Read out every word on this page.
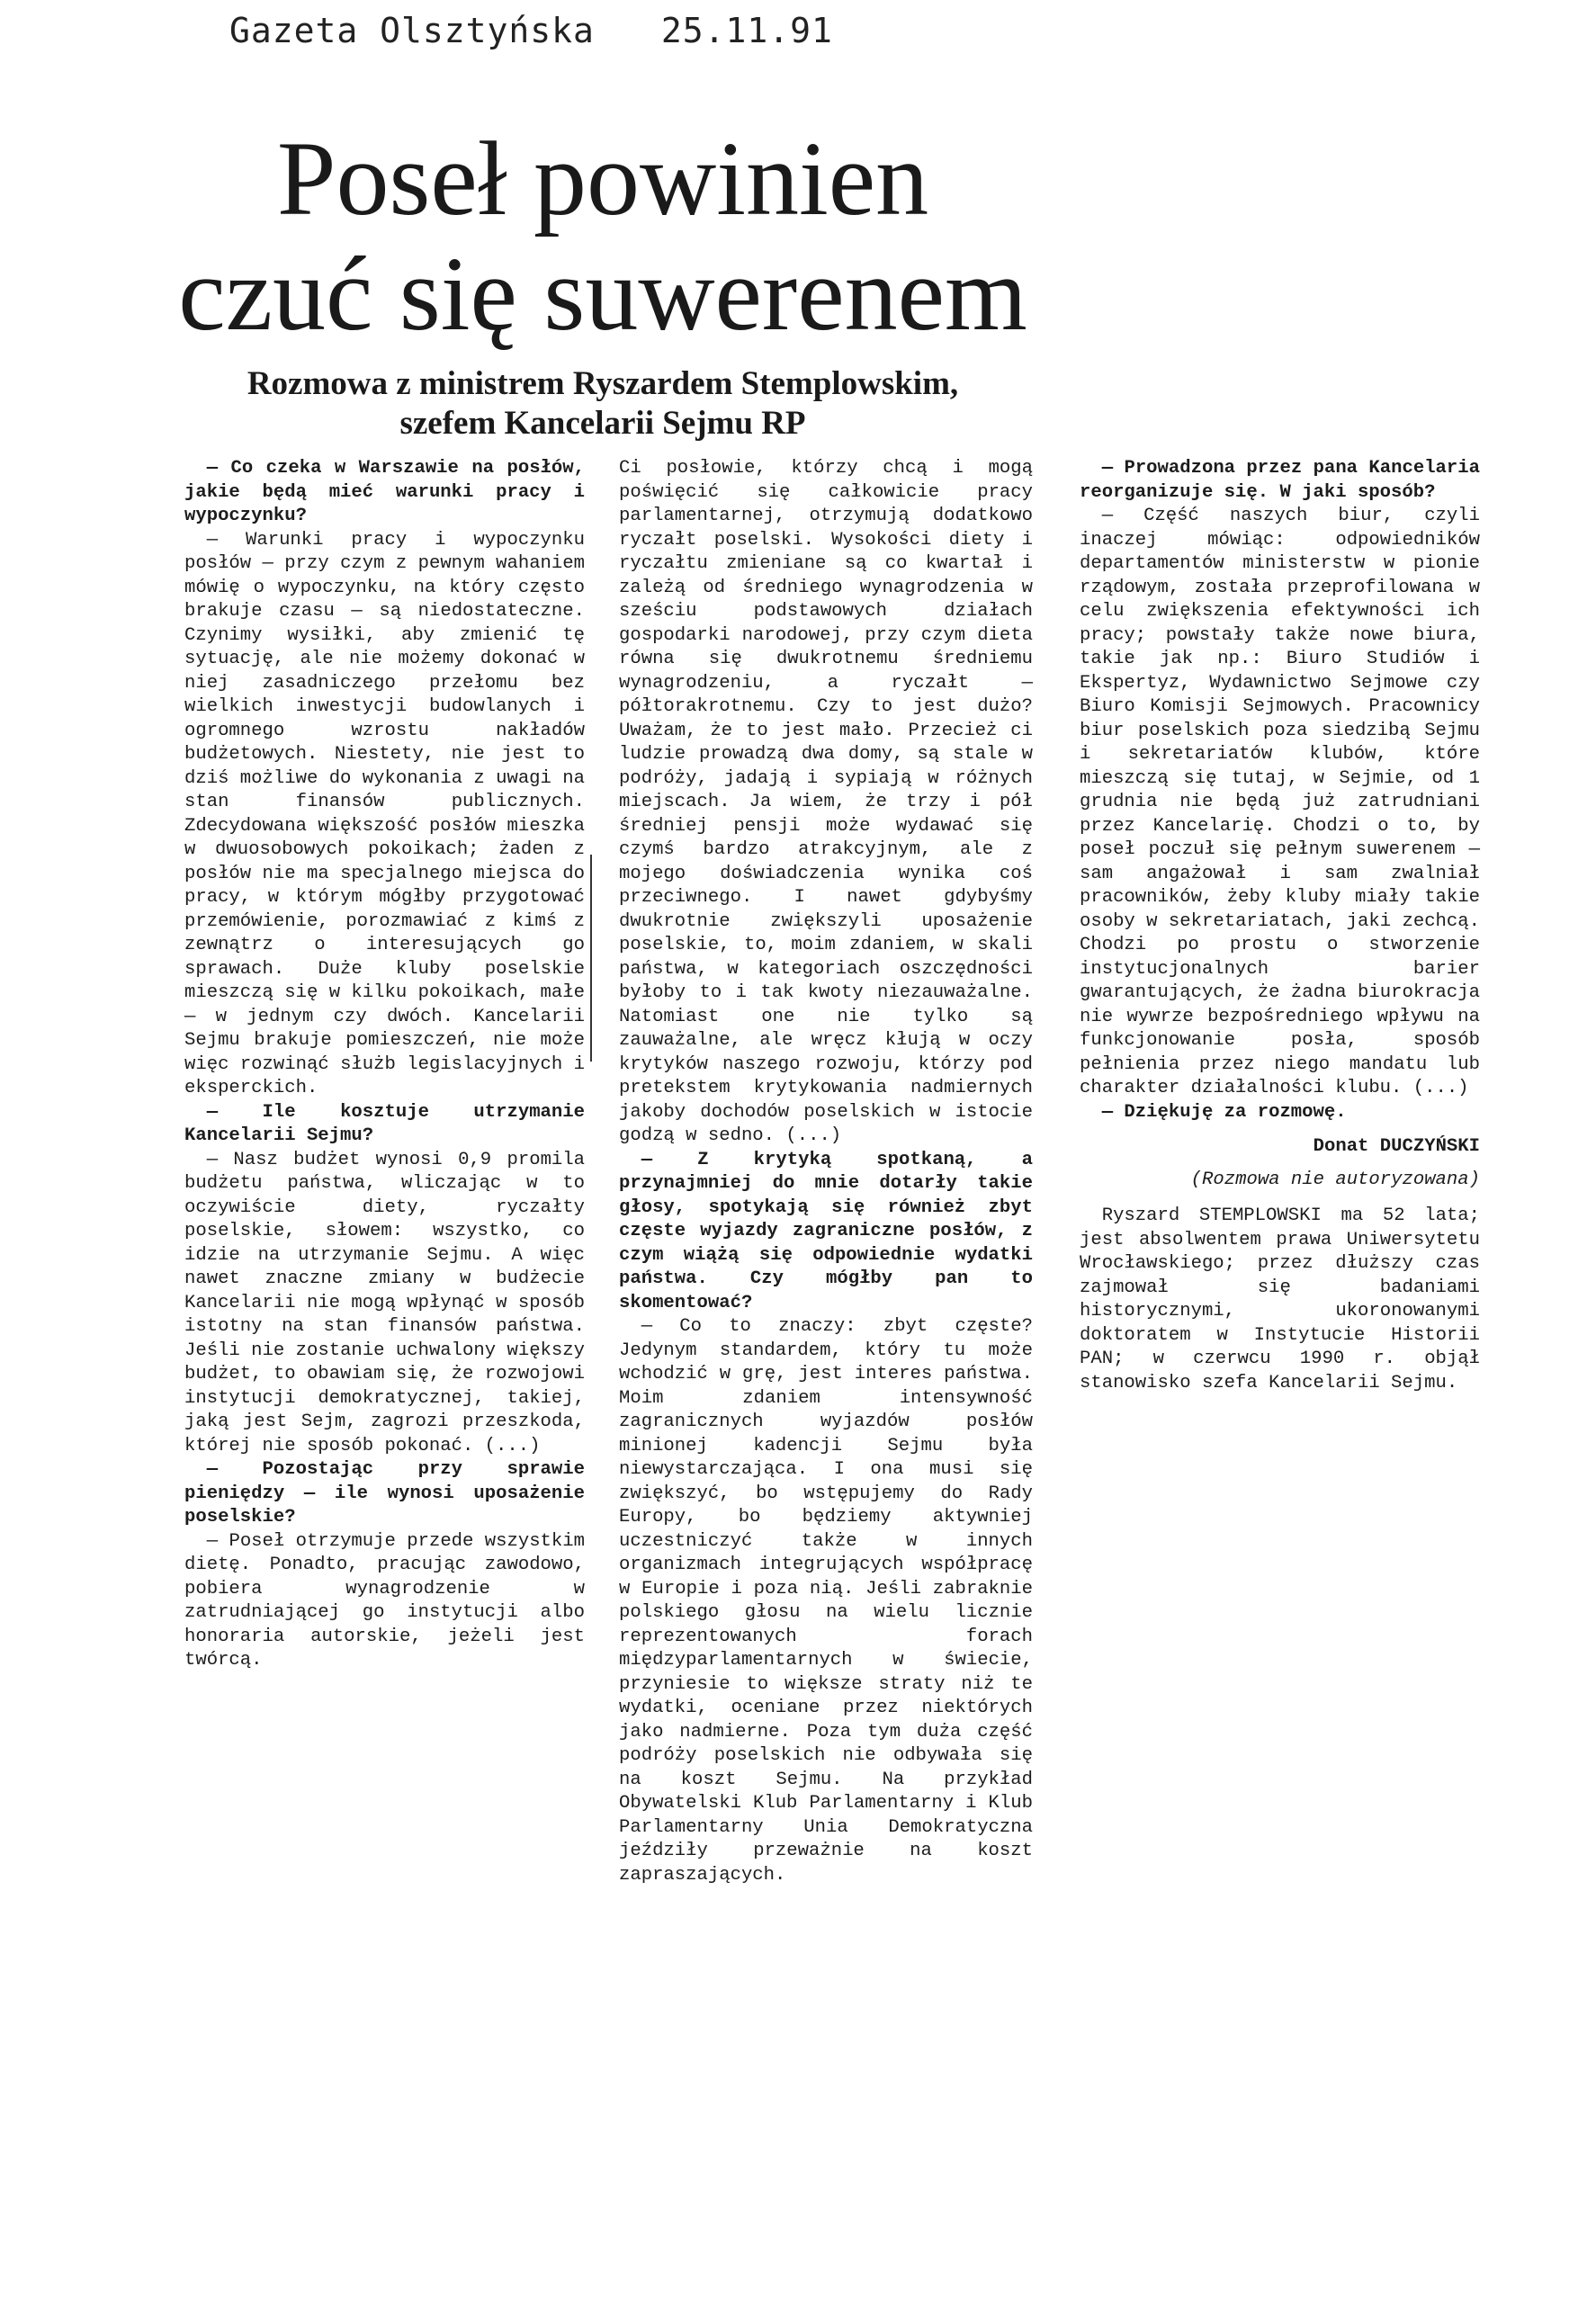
Gazeta Olsztyńska 25.11.91
Poseł powinien
czuć się suwerenem
Rozmowa z ministrem Ryszardem Stemplowskim,
szefem Kancelarii Sejmu RP

— Co czeka w Warszawie na posłów, jakie będą mieć warunki pracy i wypoczynku?

— Warunki pracy i wypoczynku posłów — przy czym z pewnym wahaniem mówię o wypoczynku, na który często brakuje czasu — są niedostateczne. Czynimy wysiłki, aby zmienić tę sytuację, ale nie możemy dokonać w niej zasadniczego przełomu bez wielkich inwestycji budowlanych i ogromnego wzrostu nakładów budżetowych. Niestety, nie jest to dziś możliwe do wykonania z uwagi na stan finansów publicznych. Zdecydowana większość posłów mieszka w dwuosobowych pokoikach; żaden z posłów nie ma specjalnego miejsca do pracy, w którym mógłby przygotować przemówienie, porozmawiać z kimś z zewnątrz o interesujących go sprawach. Duże kluby poselskie mieszczą się w kilku pokoikach, małe — w jednym czy dwóch. Kancelarii Sejmu brakuje pomieszczeń, nie może więc rozwinąć służb legislacyjnych i eksperckich.

— Ile kosztuje utrzymanie Kancelarii Sejmu?

— Nasz budżet wynosi 0,9 promila budżetu państwa, wliczając w to oczywiście diety, ryczałty poselskie, słowem: wszystko, co idzie na utrzymanie Sejmu. A więc nawet znaczne zmiany w budżecie Kancelarii nie mogą wpłynąć w sposób istotny na stan finansów państwa. Jeśli nie zostanie uchwalony większy budżet, to obawiam się, że rozwojowi instytucji demokratycznej, takiej, jaką jest Sejm, zagrozi przeszkoda, której nie sposób pokonać. (...)

— Pozostając przy sprawie pieniędzy — ile wynosi uposażenie poselskie?

— Poseł otrzymuje przede wszystkim dietę. Ponadto, pracując zawodowo, pobiera wynagrodzenie w zatrudniającej go instytucji albo honoraria autorskie, jeżeli jest twórcą.

Ci posłowie, którzy chcą i mogą poświęcić się całkowicie pracy parlamentarnej, otrzymują dodatkowo ryczałt poselski. Wysokości diety i ryczałtu zmieniane są co kwartał i zależą od średniego wynagrodzenia w sześciu podstawowych działach gospodarki narodowej, przy czym dieta równa się dwukrotnemu średniemu wynagrodzeniu, a ryczałt — półtorakrotnemu. Czy to jest dużo? Uważam, że to jest mało. Przecież ci ludzie prowadzą dwa domy, są stale w podróży, jadają i sypiają w różnych miejscach. Ja wiem, że trzy i pół średniej pensji może wydawać się czymś bardzo atrakcyjnym, ale z mojego doświadczenia wynika coś przeciwnego. I nawet gdybyśmy dwukrotnie zwiększyli uposażenie poselskie, to, moim zdaniem, w skali państwa, w kategoriach oszczędności byłoby to i tak kwoty niezauważalne. Natomiast one nie tylko są zauważalne, ale wręcz kłują w oczy krytyków naszego rozwoju, którzy pod pretekstem krytykowania nadmiernych jakoby dochodów poselskich w istocie godzą w sedno. (...)

— Z krytyką spotkaną, a przynajmniej do mnie dotarły takie głosy, spotykają się również zbyt częste wyjazdy zagraniczne posłów, z czym wiążą się odpowiednie wydatki państwa. Czy mógłby pan to skomentować?

— Co to znaczy: zbyt częste? Jedynym standardem, który tu może wchodzić w grę, jest interes państwa. Moim zdaniem intensywność zagranicznych wyjazdów posłów minionej kadencji Sejmu była niewystarczająca. I ona musi się zwiększyć, bo wstępujemy do Rady Europy, bo będziemy aktywniej uczestniczyć także w innych organizmach integrujących współpracę w Europie i poza nią. Jeśli zabraknie polskiego głosu na wielu licznie reprezentowanych forach międzyparlamentarnych w świecie, przyniesie to większe straty niż te wydatki, oceniane przez niektórych jako nadmierne. Poza tym duża część podróży poselskich nie odbywała się na koszt Sejmu. Na przykład Obywatelski Klub Parlamentarny i Klub Parlamentarny Unia Demokratyczna jeździły przeważnie na koszt zapraszających.

— Prowadzona przez pana Kancelaria reorganizuje się. W jaki sposób?

— Część naszych biur, czyli inaczej mówiąc: odpowiedników departamentów ministerstw w pionie rządowym, została przeprofilowana w celu zwiększenia efektywności ich pracy; powstały także nowe biura, takie jak np.: Biuro Studiów i Ekspertyz, Wydawnictwo Sejmowe czy Biuro Komisji Sejmowych. Pracownicy biur poselskich poza siedzibą Sejmu i sekretariatów klubów, które mieszczą się tutaj, w Sejmie, od 1 grudnia nie będą już zatrudniani przez Kancelarię. Chodzi o to, by poseł poczuł się pełnym suwerenem — sam angażował i sam zwalniał pracowników, żeby kluby miały takie osoby w sekretariatach, jaki zechcą. Chodzi po prostu o stworzenie instytucjonalnych barier gwarantujących, że żadna biurokracja nie wywrze bezpośredniego wpływu na funkcjonowanie posła, sposób pełnienia przez niego mandatu lub charakter działalności klubu. (...)

— Dziękuję za rozmowę.

Donat DUCZYŃSKI

(Rozmowa nie autoryzowana)

Ryszard STEMPLOWSKI ma 52 lata; jest absolwentem prawa Uniwersytetu Wrocławskiego; przez dłuższy czas zajmował się badaniami historycznymi, ukoronowanymi doktoratem w Instytucie Historii PAN; w czerwcu 1990 r. objął stanowisko szefa Kancelarii Sejmu.
